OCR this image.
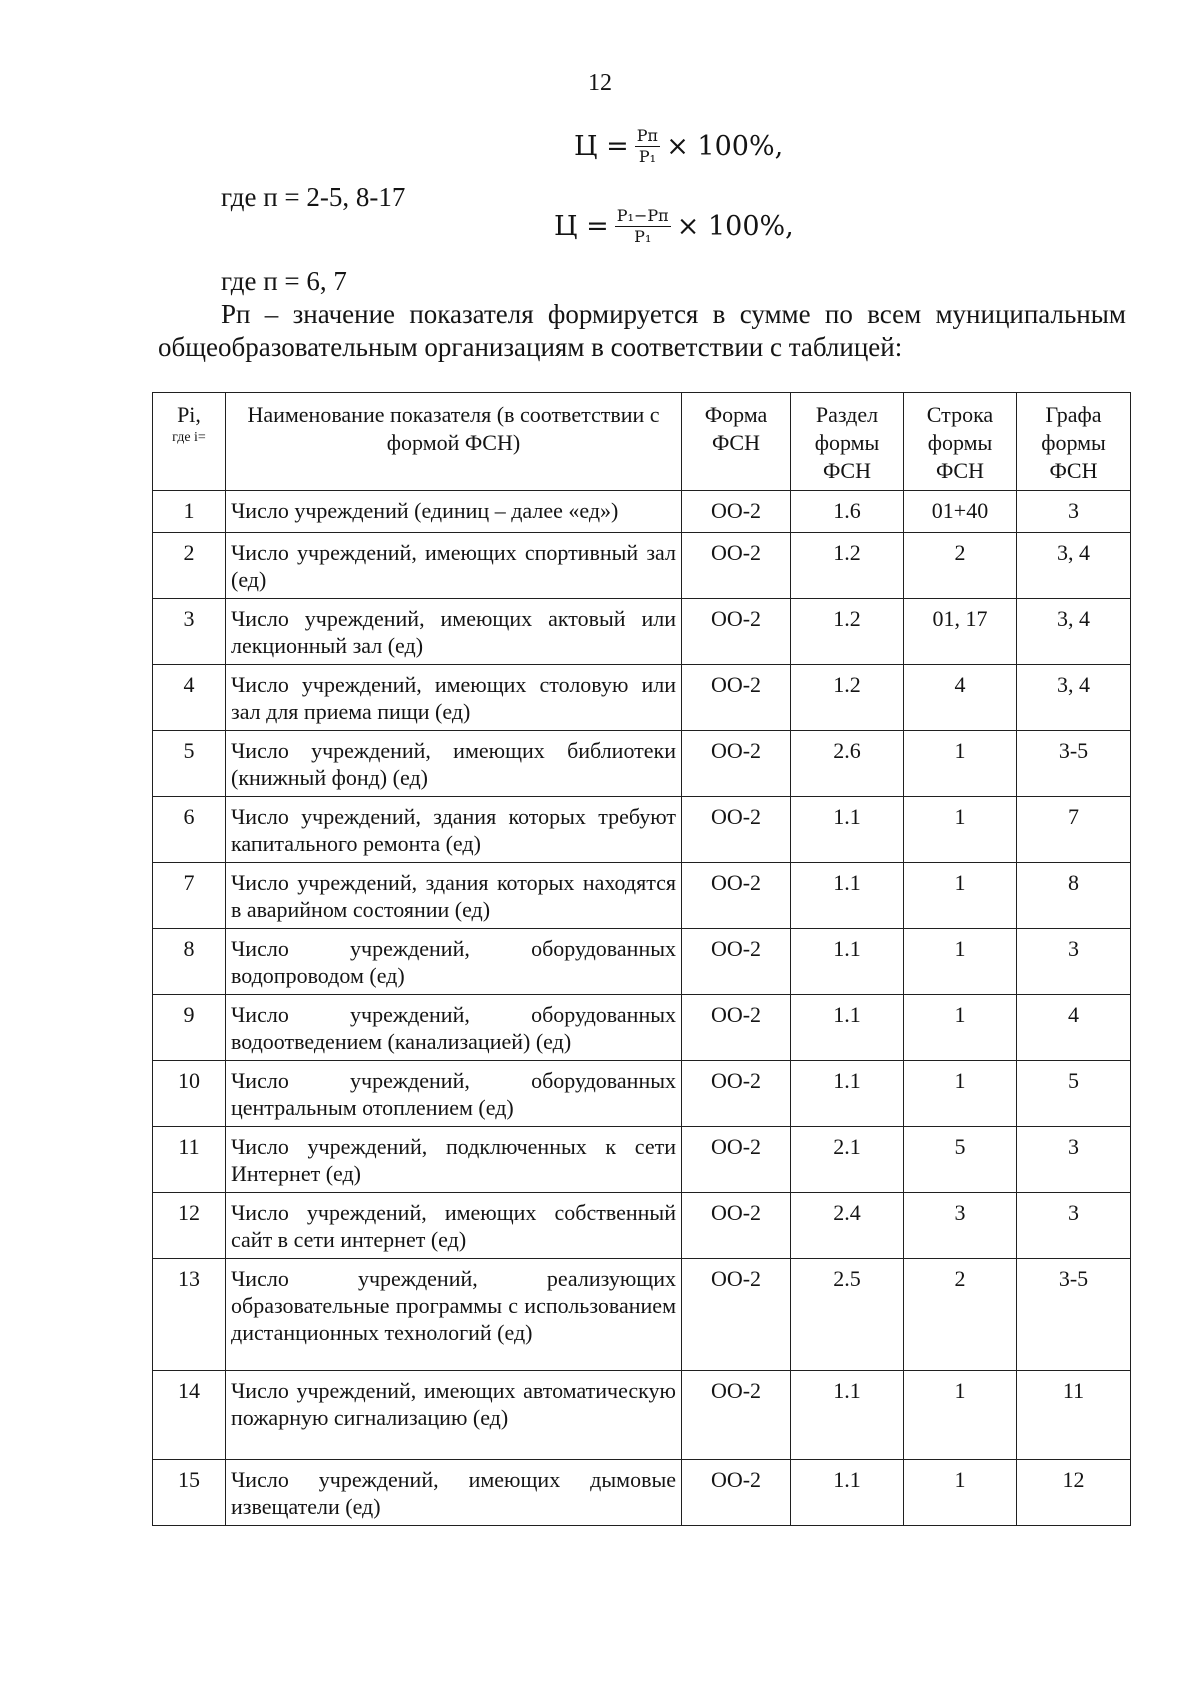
12
$Ц = \frac{Pп}{\text{P₁}} \times 100\%$,
где п = 2-5, 8-17
$Ц = \frac{\text{P₁−Pп}}{\text{P₁}} \times 100\%$,
где п = 6, 7
Pп – значение показателя формируется в сумме по всем муниципальным
общеобразовательным организациям в соответствии с таблицей:
Pi,
где i=	Наименование показателя (в соответствии с формой ФСН)	Форма ФСН	Раздел формы ФСН	Строка формы ФСН	Графа формы ФСН
1	Число учреждений (единиц – далее «ед»)	ОО-2	1.6	01+40	3
2	Число учреждений, имеющих спортивный зал (ед)	ОО-2	1.2	2	3, 4
3	Число учреждений, имеющих актовый или лекционный зал (ед)	ОО-2	1.2	01, 17	3, 4
4	Число учреждений, имеющих столовую или зал для приема пищи (ед)	ОО-2	1.2	4	3, 4
5	Число учреждений, имеющих библиотеки (книжный фонд) (ед)	ОО-2	2.6	1	3-5
6	Число учреждений, здания которых требуют капитального ремонта (ед)	ОО-2	1.1	1	7
7	Число учреждений, здания которых находятся в аварийном состоянии (ед)	ОО-2	1.1	1	8
8	Число учреждений, оборудованных водопроводом (ед)	ОО-2	1.1	1	3
9	Число учреждений, оборудованных водоотведением (канализацией) (ед)	ОО-2	1.1	1	4
10	Число учреждений, оборудованных центральным отоплением (ед)	ОО-2	1.1	1	5
11	Число учреждений, подключенных к сети Интернет (ед)	ОО-2	2.1	5	3
12	Число учреждений, имеющих собственный сайт в сети интернет (ед)	ОО-2	2.4	3	3
13	Число учреждений, реализующих образовательные программы с использованием дистанционных технологий (ед)	ОО-2	2.5	2	3-5
14	Число учреждений, имеющих автоматическую пожарную сигнализацию (ед)	ОО-2	1.1	1	11
15	Число учреждений, имеющих дымовые извещатели (ед)	ОО-2	1.1	1	12
